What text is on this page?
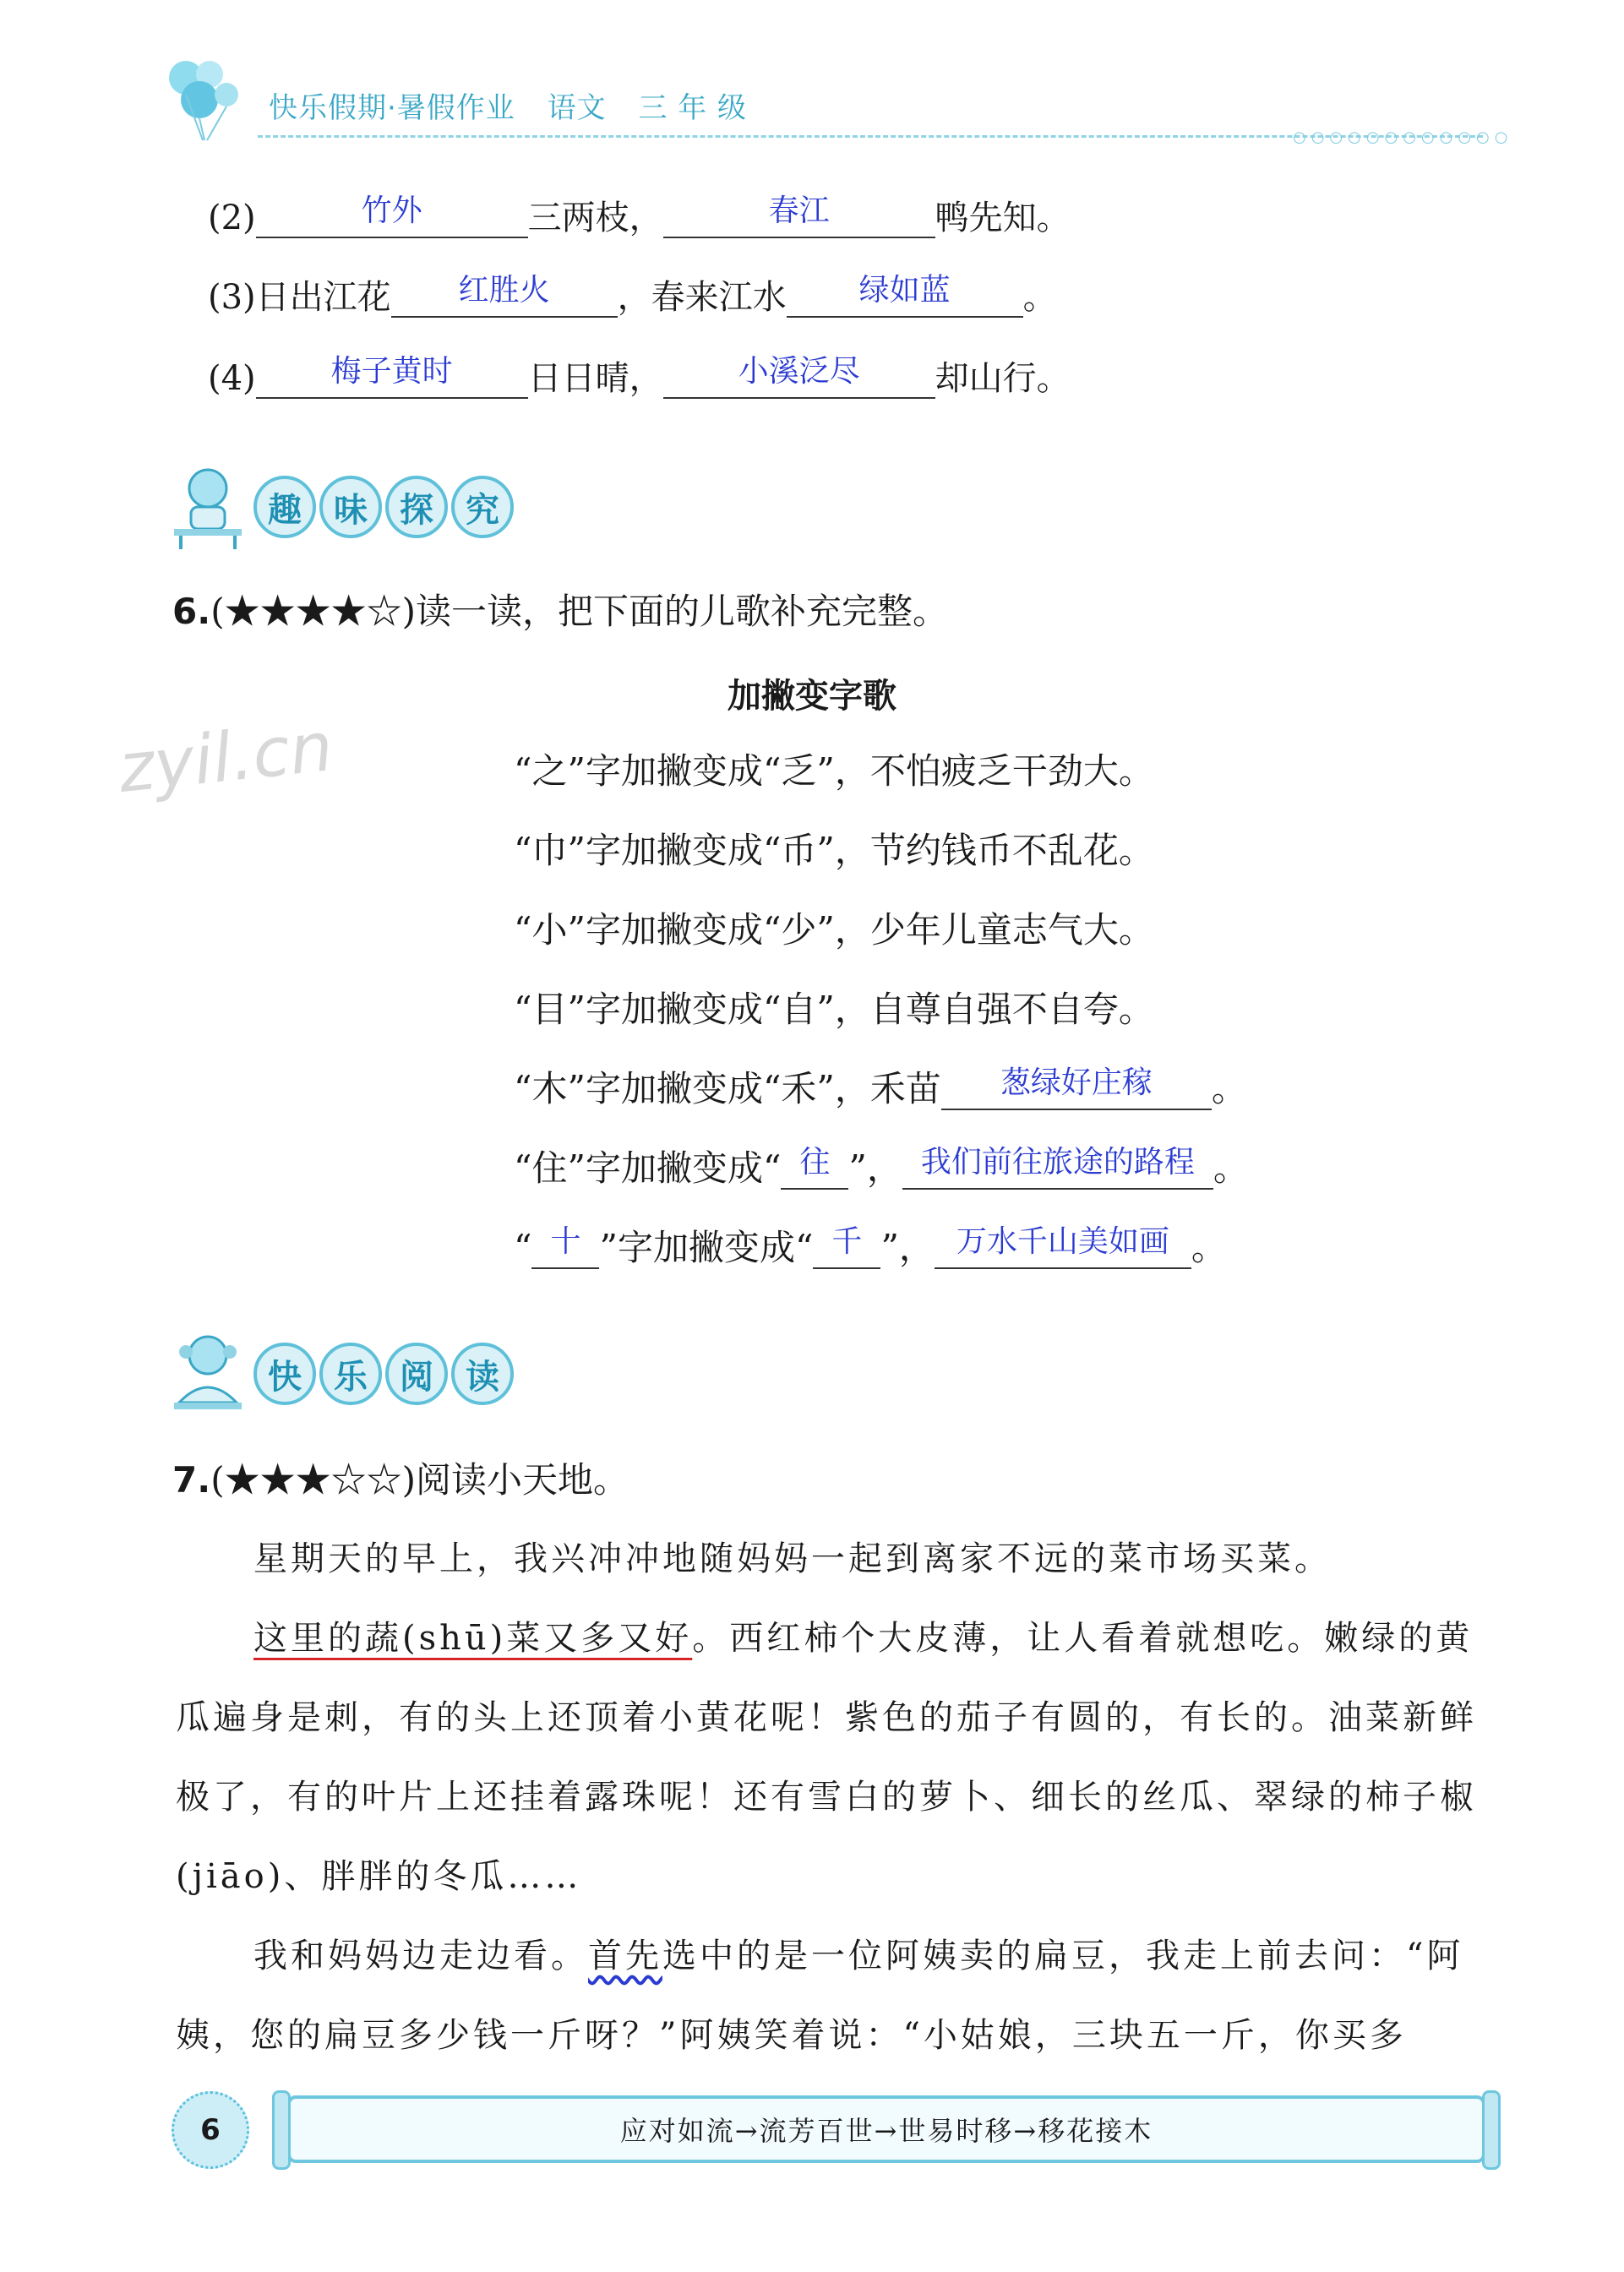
快乐假期·暑假作业 语文 三 年 级
○○○○○○○○○○○○
(2)	竹外	三两枝，	春江	鸭先知。
(3)日出江花	红胜火	，春来江水	绿如蓝	。
(4)	梅子黄时	日日晴，	小溪泛尽	却山行。
趣 味 探 究
6.(★★★★☆)读一读，把下面的儿歌补充完整。
zyil.cn
加撇变字歌
“之”字加撇变成“乏”，不怕疲乏干劲大。
“巾”字加撇变成“币”，节约钱币不乱花。
“小”字加撇变成“少”，少年儿童志气大。
“目”字加撇变成“自”，自尊自强不自夸。
“木”字加撇变成“禾”，禾苗	葱绿好庄稼	。
“住”字加撇变成“ 往 ”， 我们前往旅途的路程 。
“ 十 ”字加撇变成“ 千 ”， 万水千山美如画 。
快 乐 阅 读
7.(★★★☆☆)阅读小天地。
星期天的早上，我兴冲冲地随妈妈一起到离家不远的菜市场买菜。
这里的蔬(shū)菜又多又好。西红柿个大皮薄，让人看着就想吃。嫩绿的黄瓜遍身是刺，有的头上还顶着小黄花呢！紫色的茄子有圆的，有长的。油菜新鲜极了，有的叶片上还挂着露珠呢！还有雪白的萝卜、细长的丝瓜、翠绿的柿子椒(jiāo)、胖胖的冬瓜……
我和妈妈边走边看。首先选中的是一位阿姨卖的扁豆，我走上前去问：“阿姨，您的扁豆多少钱一斤呀？”阿姨笑着说：“小姑娘，三块五一斤，你买多
6	应对如流→流芳百世→世易时移→移花接木
